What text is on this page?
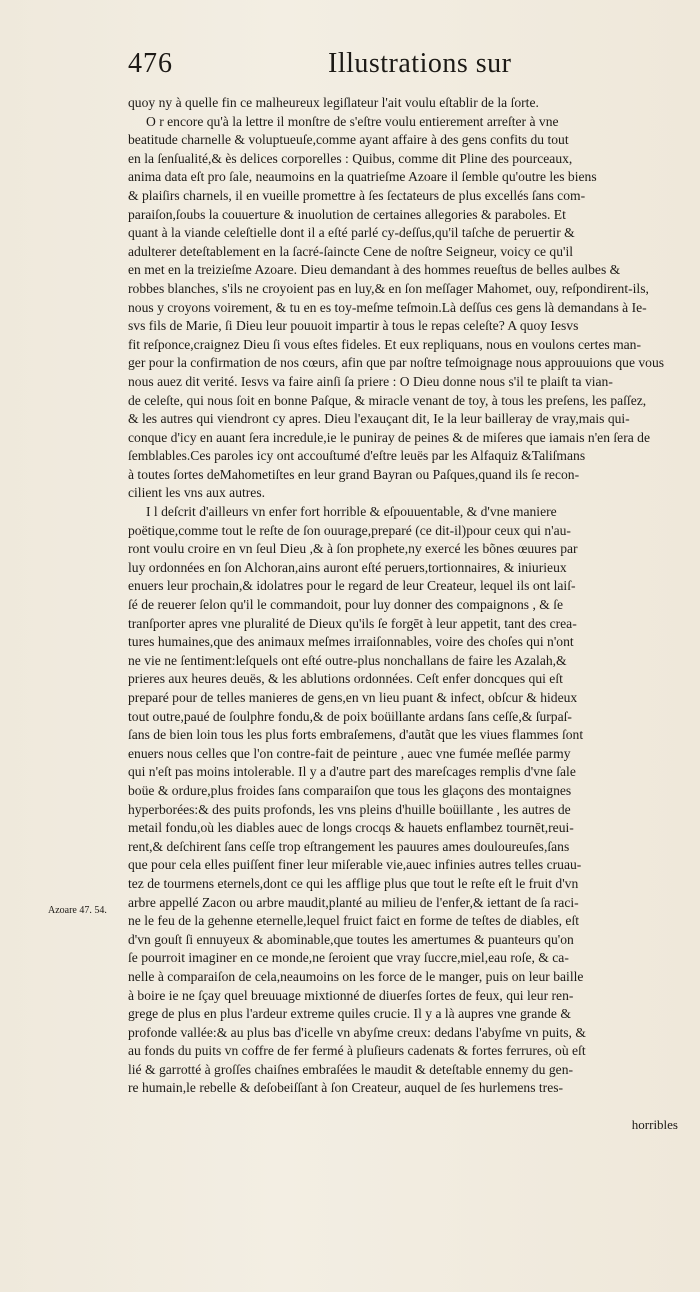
476	Illustrations sur
quoy ny à quelle fin ce malheureux legiſlateur l'ait voulu eſtablir de la ſorte.
O r encore qu'à la lettre il monſtre de s'eſtre voulu entierement arreſter à vne
beatitude charnelle & voluptueuſe,comme ayant affaire à des gens confits du tout
en la ſenſualité,& ès delices corporelles : Quibus, comme dit Pline des pourceaux,
anima data eſt pro ſale, neaumoins en la quatrieſme Azoare il ſemble qu'outre les biens
& plaiſirs charnels, il en vueille promettre à ſes ſectateurs de plus excellés ſans com-
paraiſon,ſoubs la couuerture & inuolution de certaines allegories & paraboles. Et
quant à la viande celeſtielle dont il a eſté parlé cy-deſſus,qu'il taſche de peruertir &
adulterer deteſtablement en la ſacré-ſaincte Cene de noſtre Seigneur, voicy ce qu'il
en met en la treizieſme Azoare. Dieu demandant à des hommes reueſtus de belles aulbes &
robbes blanches, s'ils ne croyoient pas en luy,& en ſon meſſager Mahomet, ouy, reſpondirent-ils,
nous y croyons voirement, & tu en es toy-meſme teſmoin.Là deſſus ces gens là demandans à Ie-
svs fils de Marie, ſi Dieu leur pouuoit impartir à tous le repas celeſte? A quoy Iesvs
fit reſponce,craignez Dieu ſi vous eſtes fideles. Et eux repliquans, nous en voulons certes man-
ger pour la confirmation de nos cœurs, afin que par noſtre teſmoignage nous approuuions que vous
nous auez dit verité. Iesvs va faire ainſi ſa priere : O Dieu donne nous s'il te plaiſt ta vian-
de celeſte, qui nous ſoit en bonne Paſque, & miracle venant de toy, à tous les preſens, les paſſez,
& les autres qui viendront cy apres. Dieu l'exauçant dit, Ie la leur bailleray de vray,mais qui-
conque d'icy en auant ſera incredule,ie le puniray de peines & de miſeres que iamais n'en ſera de
ſemblables.Ces paroles icy ont accouſtumé d'eſtre leuës par les Alfaquiz &Taliſmans
à toutes ſortes deMahometiſtes en leur grand Bayran ou Paſques,quand ils ſe recon-
cilient les vns aux autres.
I l deſcrit d'ailleurs vn enfer fort horrible & eſpouuentable, & d'vne maniere
poëtique,comme tout le reſte de ſon ouurage,preparé (ce dit-il)pour ceux qui n'au-
ront voulu croire en vn ſeul Dieu ,& à ſon prophete,ny exercé les bõnes œuures par
luy ordonnées en ſon Alchoran,ains auront eſté peruers,tortionnaires, & iniurieux
enuers leur prochain,& idolatres pour le regard de leur Createur, lequel ils ont laiſ-
ſé de reuerer ſelon qu'il le commandoit, pour luy donner des compaignons , & ſe
tranſporter apres vne pluralité de Dieux qu'ils ſe forgēt à leur appetit, tant des crea-
tures humaines,que des animaux meſmes irraiſonnables, voire des choſes qui n'ont
ne vie ne ſentiment:leſquels ont eſté outre-plus nonchallans de faire les Azalah,&
prieres aux heures deuës, & les ablutions ordonnées. Ceſt enfer doncques qui eſt
preparé pour de telles manieres de gens,en vn lieu puant & infect, obſcur & hideux
tout outre,paué de ſoulphre fondu,& de poix boüillante ardans ſans ceſſe,& ſurpaſ-
ſans de bien loin tous les plus forts embraſemens, d'autãt que les viues flammes ſont
enuers nous celles que l'on contre-fait de peinture , auec vne fumée meſlée parmy
qui n'eſt pas moins intolerable. Il y a d'autre part des mareſcages remplis d'vne ſale
boüe & ordure,plus froides ſans comparaiſon que tous les glaçons des montaignes
hyperborées:& des puits profonds, les vns pleins d'huille boüillante , les autres de
metail fondu,où les diables auec de longs crocqs & hauets enflambez tournēt,reui-
rent,& deſchirent ſans ceſſe trop eſtrangement les pauures ames douloureuſes,ſans
que pour cela elles puiſſent finer leur miſerable vie,auec infinies autres telles cruau-
tez de tourmens eternels,dont ce qui les afflige plus que tout le reſte eſt le fruit d'vn
arbre appellé Zacon ou arbre maudit,planté au milieu de l'enfer,& iettant de ſa raci-
ne le feu de la gehenne eternelle,lequel fruict faict en forme de teſtes de diables, eſt
d'vn gouſt ſi ennuyeux & abominable,que toutes les amertumes & puanteurs qu'on
ſe pourroit imaginer en ce monde,ne ſeroient que vray ſuccre,miel,eau roſe, & ca-
nelle à comparaiſon de cela,neaumoins on les force de le manger, puis on leur baille
à boire ie ne ſçay quel breuuage mixtionné de diuerſes ſortes de feux, qui leur ren-
grege de plus en plus l'ardeur extreme quiles crucie. Il y a là aupres vne grande &
profonde vallée:& au plus bas d'icelle vn abyſme creux: dedans l'abyſme vn puits, &
au fonds du puits vn coffre de fer fermé à pluſieurs cadenats & fortes ferrures, où eſt
lié & garrotté à groſſes chaiſnes embraſées le maudit & deteſtable ennemy du gen-
re humain,le rebelle & deſobeiſſant à ſon Createur, auquel de ſes hurlemens tres-
Azoare 47. 54.
horribles
